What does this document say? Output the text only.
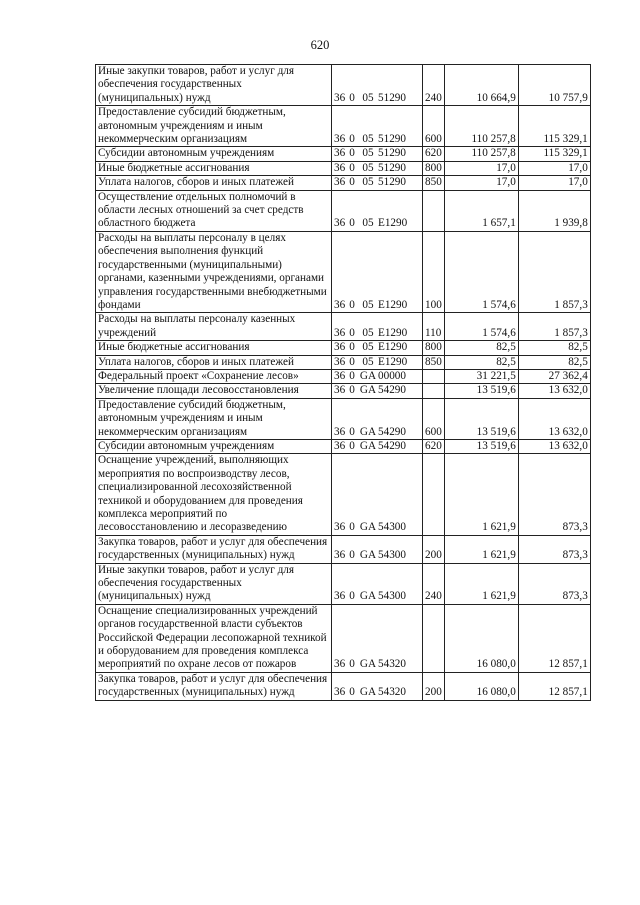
620
Иные закупки товаров, работ и услуг для обеспечения государственных (муниципальных) нужд	36 0 05 51290	240	10 664,9	10 757,9
Предоставление субсидий бюджетным, автономным учреждениям и иным некоммерческим организациям	36 0 05 51290	600	110 257,8	115 329,1
Субсидии автономным учреждениям	36 0 05 51290	620	110 257,8	115 329,1
Иные бюджетные ассигнования	36 0 05 51290	800	17,0	17,0
Уплата налогов, сборов и иных платежей	36 0 05 51290	850	17,0	17,0
Осуществление отдельных полномочий в области лесных отношений за счет средств областного бюджета	36 0 05 E1290		1 657,1	1 939,8
Расходы на выплаты персоналу в целях обеспечения выполнения функций государственными (муниципальными) органами, казенными учреждениями, органами управления государственными внебюджетными фондами	36 0 05 E1290	100	1 574,6	1 857,3
Расходы на выплаты персоналу казенных учреждений	36 0 05 E1290	110	1 574,6	1 857,3
Иные бюджетные ассигнования	36 0 05 E1290	800	82,5	82,5
Уплата налогов, сборов и иных платежей	36 0 05 E1290	850	82,5	82,5
Федеральный проект «Сохранение лесов»	36 0 GA 00000		31 221,5	27 362,4
Увеличение площади лесовосстановления	36 0 GA 54290		13 519,6	13 632,0
Предоставление субсидий бюджетным, автономным учреждениям и иным некоммерческим организациям	36 0 GA 54290	600	13 519,6	13 632,0
Субсидии автономным учреждениям	36 0 GA 54290	620	13 519,6	13 632,0
Оснащение учреждений, выполняющих мероприятия по воспроизводству лесов, специализированной лесохозяйственной техникой и оборудованием для проведения комплекса мероприятий по лесовосстановлению и лесоразведению	36 0 GA 54300		1 621,9	873,3
Закупка товаров, работ и услуг для обеспечения государственных (муниципальных) нужд	36 0 GA 54300	200	1 621,9	873,3
Иные закупки товаров, работ и услуг для обеспечения государственных (муниципальных) нужд	36 0 GA 54300	240	1 621,9	873,3
Оснащение специализированных учреждений органов государственной власти субъектов Российской Федерации лесопожарной техникой и оборудованием для проведения комплекса мероприятий по охране лесов от пожаров	36 0 GA 54320		16 080,0	12 857,1
Закупка товаров, работ и услуг для обеспечения государственных (муниципальных) нужд	36 0 GA 54320	200	16 080,0	12 857,1
